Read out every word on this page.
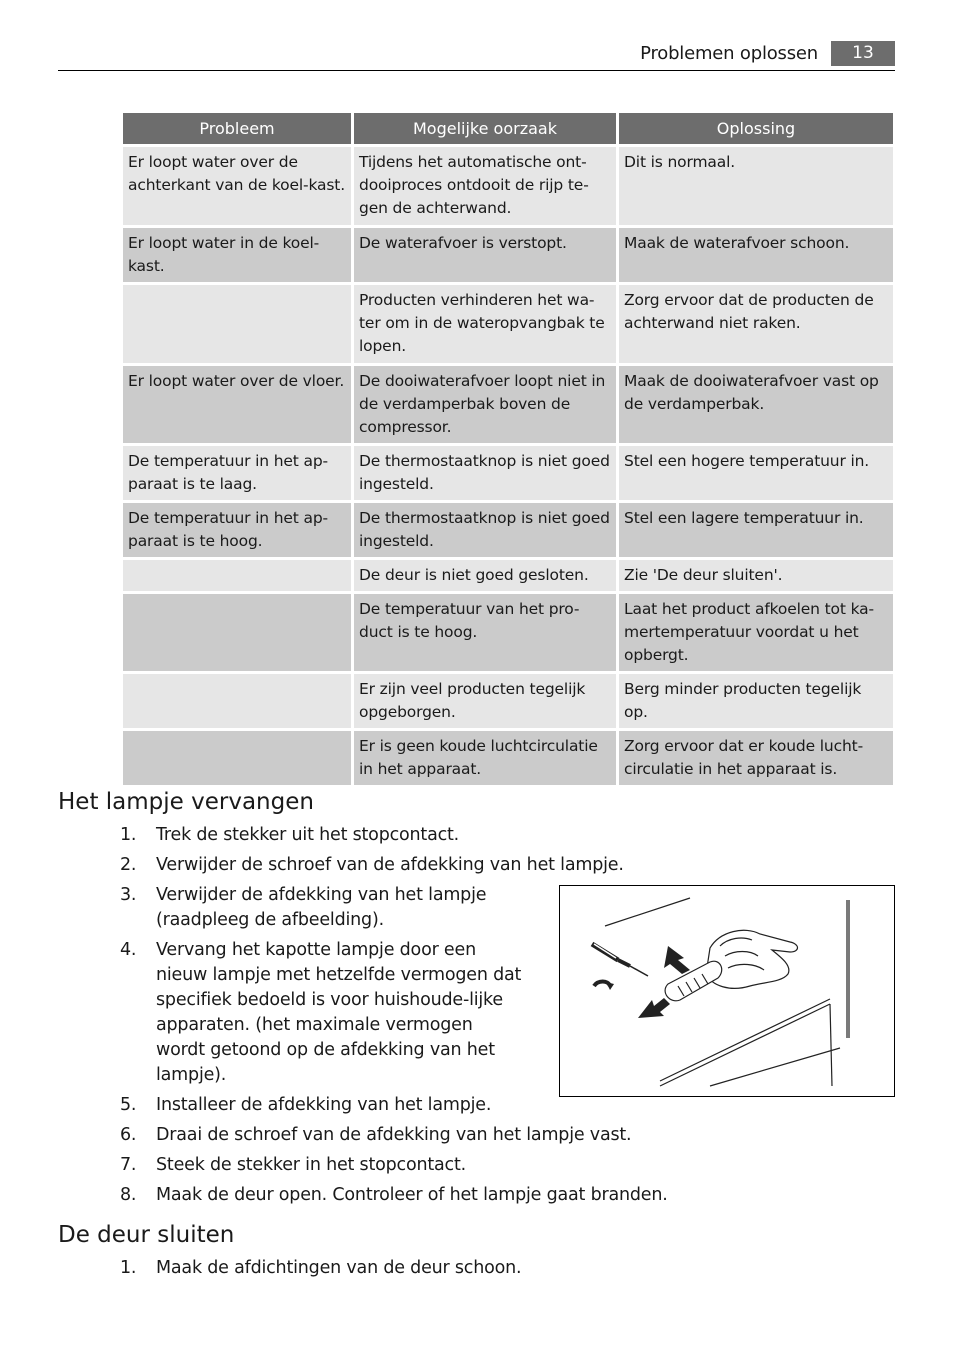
Problemen oplossen	13
Probleem	Mogelijke oorzaak	Oplossing
Er loopt water over de achterkant van de koel-kast.	Tijdens het automatische ont-dooiproces ontdooit de rijp te-gen de achterwand.	Dit is normaal.
Er loopt water in de koel-kast.	De waterafvoer is verstopt.	Maak de waterafvoer schoon.
	Producten verhinderen het wa-ter om in de wateropvangbak te lopen.	Zorg ervoor dat de producten de achterwand niet raken.
Er loopt water over de vloer.	De dooiwaterafvoer loopt niet in de verdamperbak boven de compressor.	Maak de dooiwaterafvoer vast op de verdamperbak.
De temperatuur in het ap-paraat is te laag.	De thermostaatknop is niet goed ingesteld.	Stel een hogere temperatuur in.
De temperatuur in het ap-paraat is te hoog.	De thermostaatknop is niet goed ingesteld.	Stel een lagere temperatuur in.
	De deur is niet goed gesloten.	Zie 'De deur sluiten'.
	De temperatuur van het pro-duct is te hoog.	Laat het product afkoelen tot ka-mertemperatuur voordat u het opbergt.
	Er zijn veel producten tegelijk opgeborgen.	Berg minder producten tegelijk op.
	Er is geen koude luchtcirculatie in het apparaat.	Zorg ervoor dat er koude lucht-circulatie in het apparaat is.
Het lampje vervangen
1. Trek de stekker uit het stopcontact.
2. Verwijder de schroef van de afdekking van het lampje.
3. Verwijder de afdekking van het lampje (raadpleeg de afbeelding).
4. Vervang het kapotte lampje door een nieuw lampje met hetzelfde vermogen dat specifiek bedoeld is voor huishoude-lijke apparaten. (het maximale vermogen wordt getoond op de afdekking van het lampje).
5. Installeer de afdekking van het lampje.
6. Draai de schroef van de afdekking van het lampje vast.
7. Steek de stekker in het stopcontact.
8. Maak de deur open. Controleer of het lampje gaat branden.
De deur sluiten
1. Maak de afdichtingen van de deur schoon.
